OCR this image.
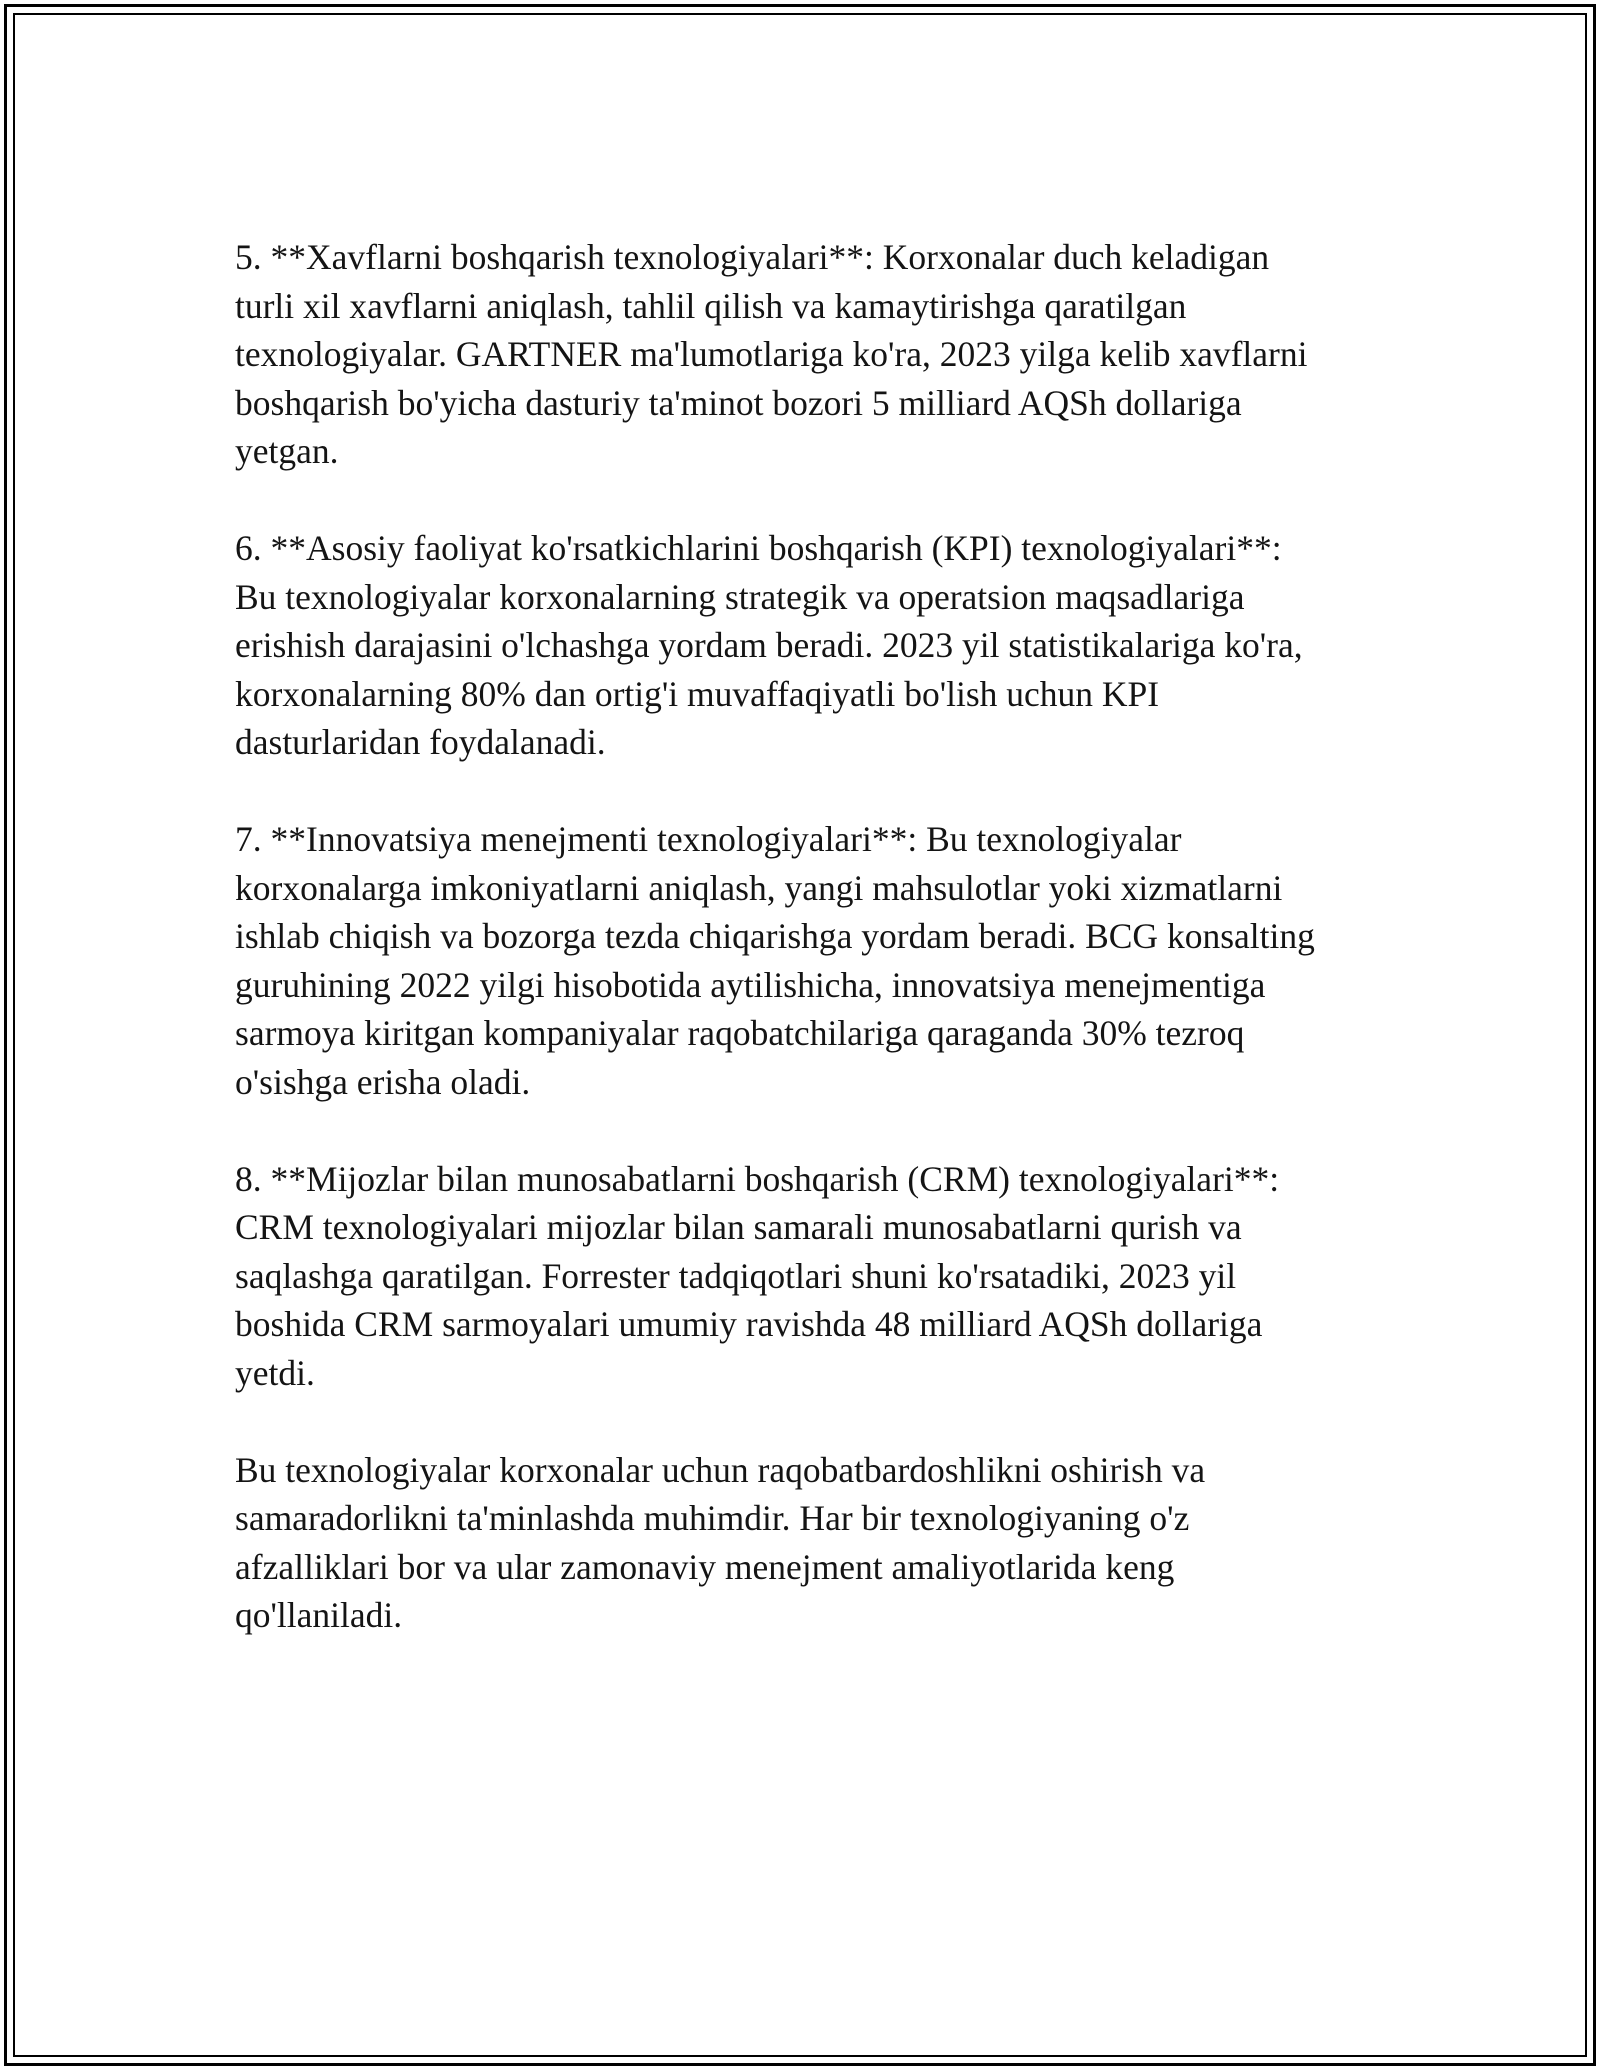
5. **Xavflarni boshqarish texnologiyalari**: Korxonalar duch keladigan
turli xil xavflarni aniqlash, tahlil qilish va kamaytirishga qaratilgan
texnologiyalar. GARTNER ma'lumotlariga ko'ra, 2023 yilga kelib xavflarni
boshqarish bo'yicha dasturiy ta'minot bozori 5 milliard AQSh dollariga
yetgan.
6. **Asosiy faoliyat ko'rsatkichlarini boshqarish (KPI) texnologiyalari**:
Bu texnologiyalar korxonalarning strategik va operatsion maqsadlariga
erishish darajasini o'lchashga yordam beradi. 2023 yil statistikalariga ko'ra,
korxonalarning 80% dan ortig'i muvaffaqiyatli bo'lish uchun KPI
dasturlaridan foydalanadi.
7. **Innovatsiya menejmenti texnologiyalari**: Bu texnologiyalar
korxonalarga imkoniyatlarni aniqlash, yangi mahsulotlar yoki xizmatlarni
ishlab chiqish va bozorga tezda chiqarishga yordam beradi. BCG konsalting
guruhining 2022 yilgi hisobotida aytilishicha, innovatsiya menejmentiga
sarmoya kiritgan kompaniyalar raqobatchilariga qaraganda 30% tezroq
o'sishga erisha oladi.
8. **Mijozlar bilan munosabatlarni boshqarish (CRM) texnologiyalari**:
CRM texnologiyalari mijozlar bilan samarali munosabatlarni qurish va
saqlashga qaratilgan. Forrester tadqiqotlari shuni ko'rsatadiki, 2023 yil
boshida CRM sarmoyalari umumiy ravishda 48 milliard AQSh dollariga
yetdi.
Bu texnologiyalar korxonalar uchun raqobatbardoshlikni oshirish va
samaradorlikni ta'minlashda muhimdir. Har bir texnologiyaning o'z
afzalliklari bor va ular zamonaviy menejment amaliyotlarida keng
qo'llaniladi.
